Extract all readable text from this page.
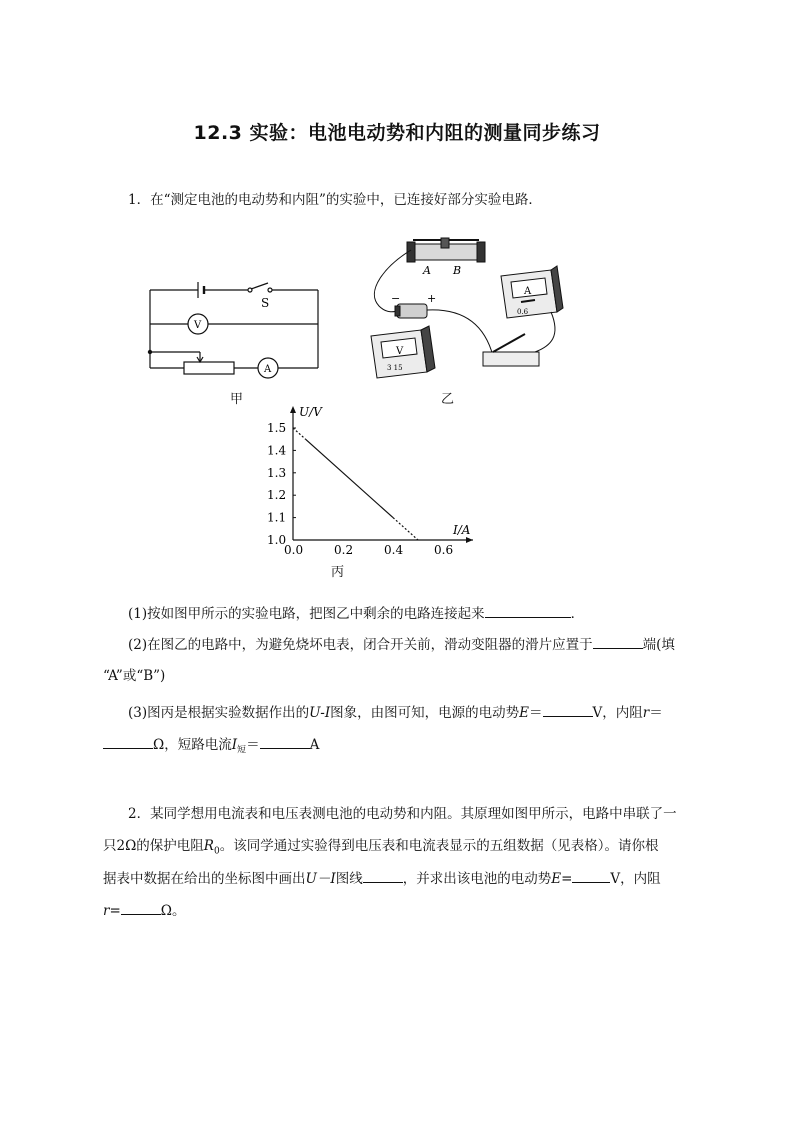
12.3 实验：电池电动势和内阻的测量同步练习
1．在“测定电池的电动势和内阻”的实验中，已连接好部分实验电路．
S
V
A
甲
A B
− +
A
0.6
V
3 15
乙
I/A
U/V
0.0	0.2	0.4	0.6
1.0
1.1
1.2
1.3
1.4
1.5
丙
(1)按如图甲所示的实验电路，把图乙中剩余的电路连接起来	．
(2)在图乙的电路中，为避免烧坏电表，闭合开关前，滑动变阻器的滑片应置于	端(填
“A”或“B”)
(3)图丙是根据实验数据作出的U-I图象，由图可知，电源的电动势E＝	V，内阻r＝
Ω，短路电流$I_短=$	A
2．某同学想用电流表和电压表测电池的电动势和内阻。其原理如图甲所示，电路中串联了一
只2Ω的保护电阻$R_0$。该同学通过实验得到电压表和电流表显示的五组数据（见表格）。请你根
据表中数据在给出的坐标图中画出U－I图线	，并求出该电池的电动势E=	V，内阻
r=	Ω。
